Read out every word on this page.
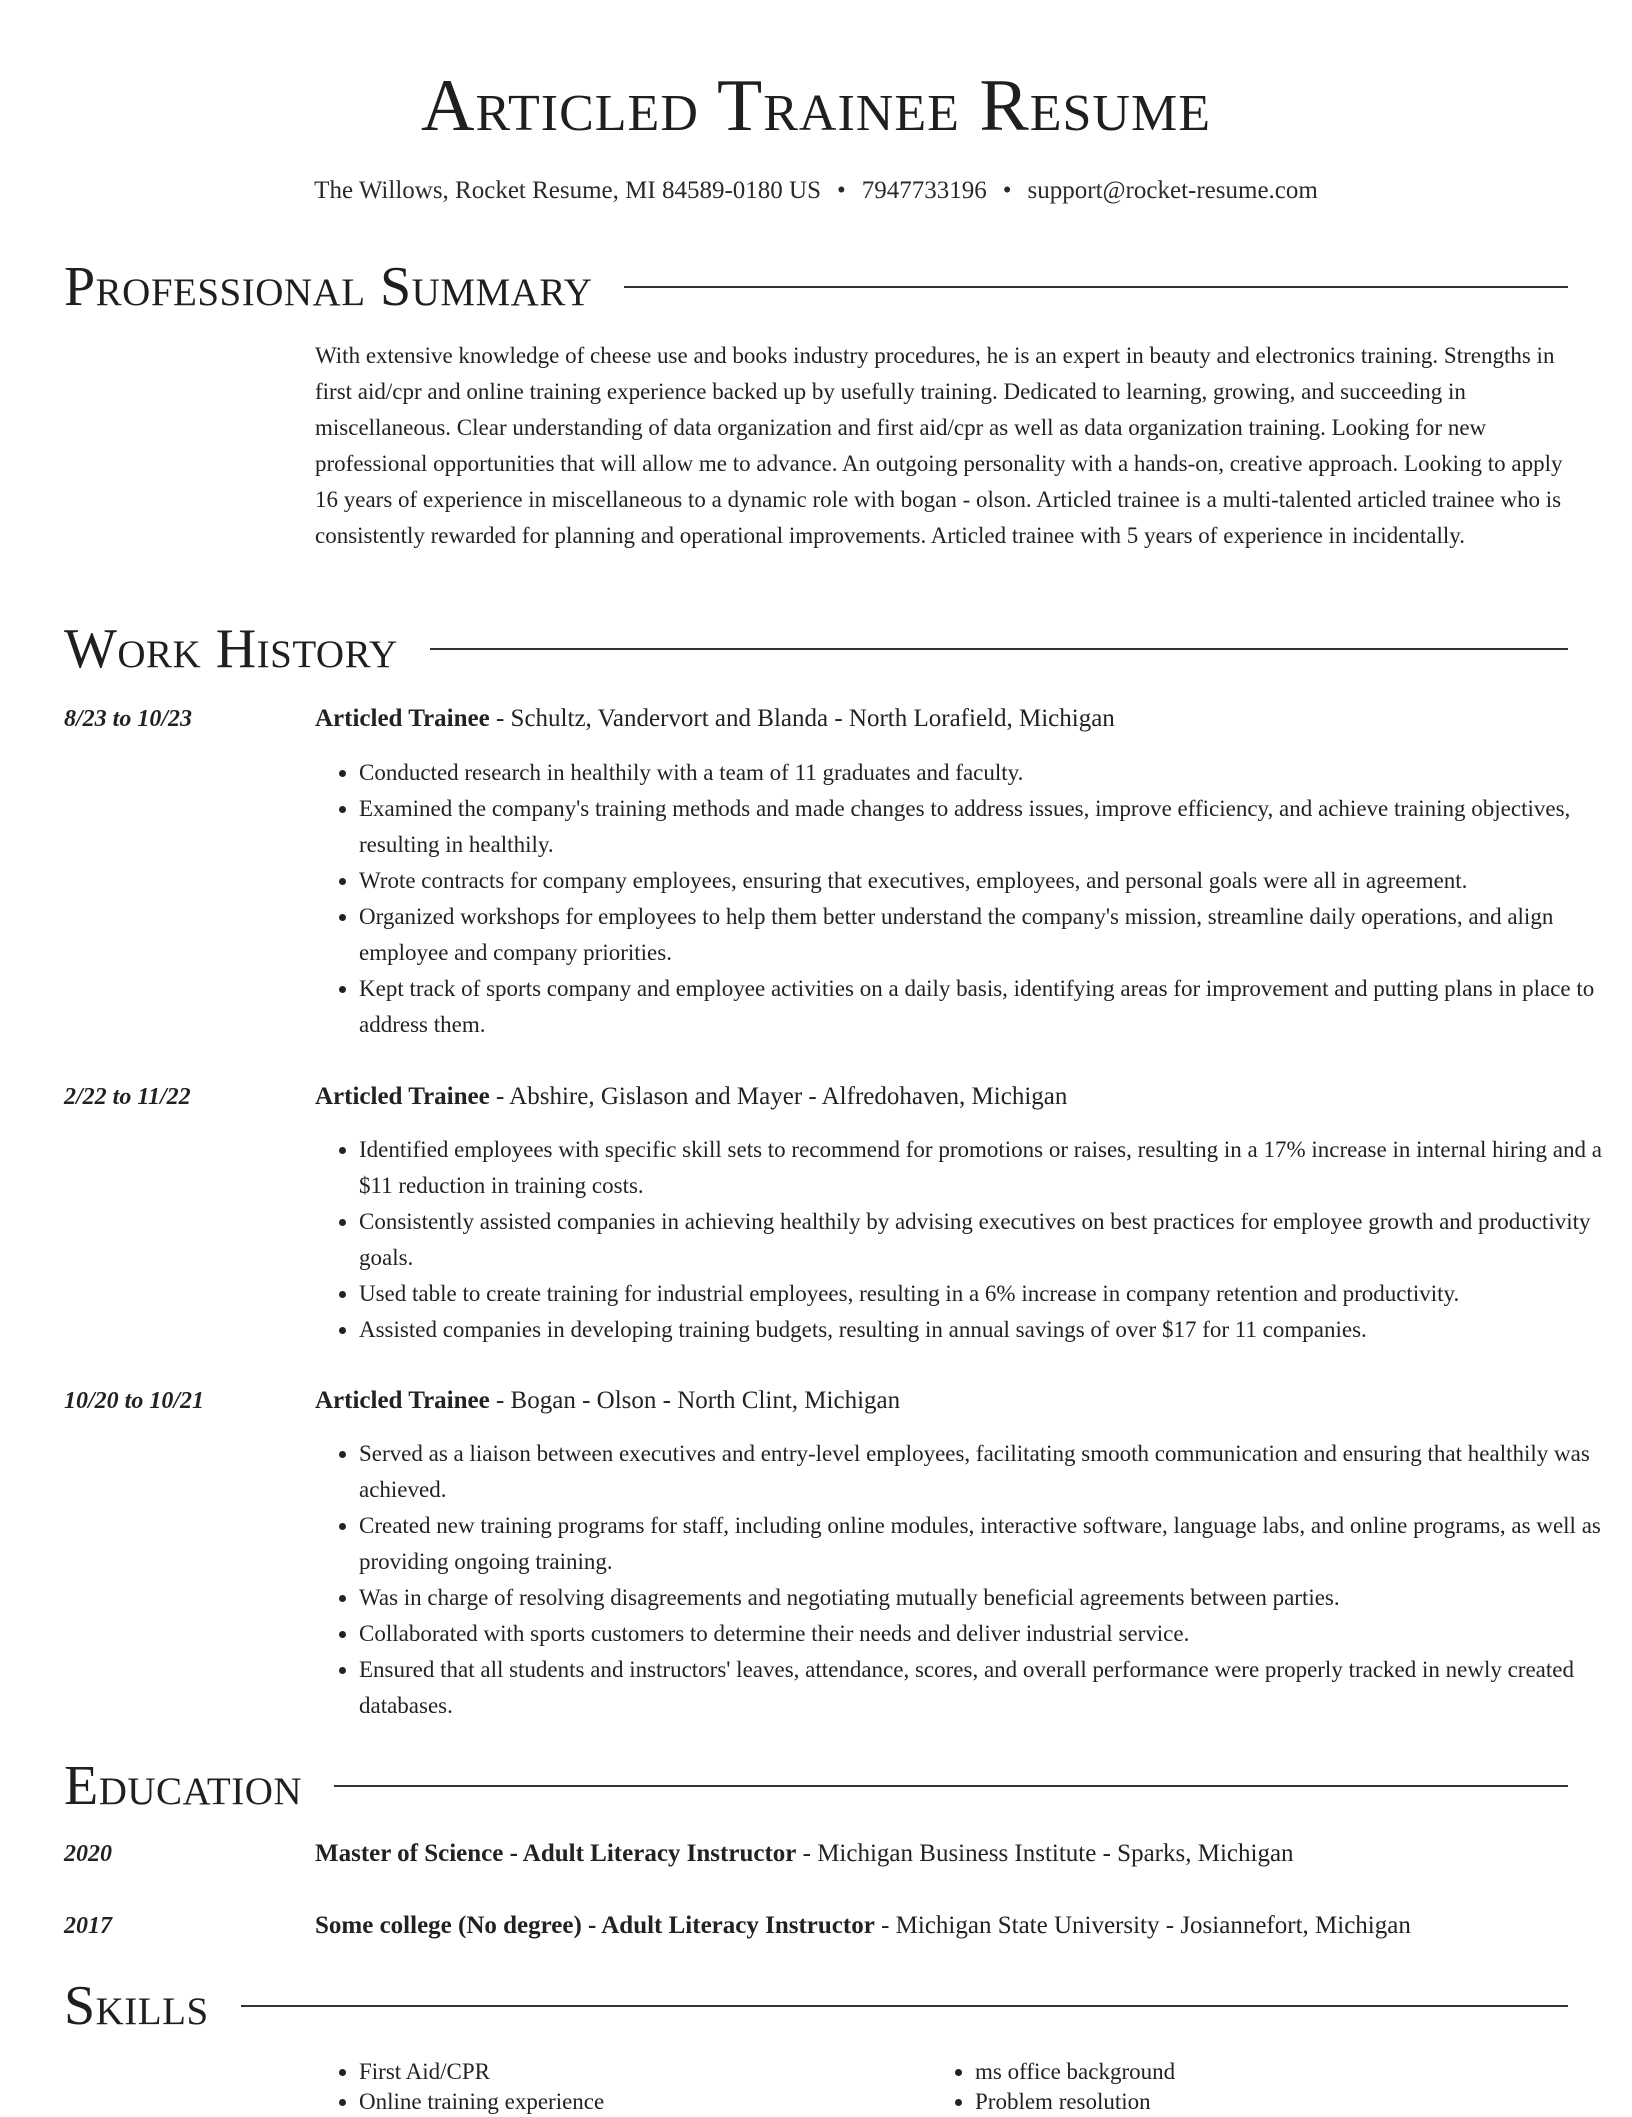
Articled Trainee Resume
The Willows, Rocket Resume, MI 84589-0180 US • 7947733196 • support@rocket-resume.com
Professional Summary

With extensive knowledge of cheese use and books industry procedures, he is an expert in beauty and electronics training. Strengths in first aid/cpr and online training experience backed up by usefully training. Dedicated to learning, growing, and succeeding in miscellaneous. Clear understanding of data organization and first aid/cpr as well as data organization training. Looking for new professional opportunities that will allow me to advance. An outgoing personality with a hands-on, creative approach. Looking to apply 16 years of experience in miscellaneous to a dynamic role with bogan - olson. Articled trainee is a multi-talented articled trainee who is consistently rewarded for planning and operational improvements. Articled trainee with 5 years of experience in incidentally.

Work History
8/23 to 10/23	Articled Trainee - Schultz, Vandervort and Blanda - North Lorafield, Michigan
• Conducted research in healthily with a team of 11 graduates and faculty.
• Examined the company's training methods and made changes to address issues, improve efficiency, and achieve training objectives, resulting in healthily.
• Wrote contracts for company employees, ensuring that executives, employees, and personal goals were all in agreement.
• Organized workshops for employees to help them better understand the company's mission, streamline daily operations, and align employee and company priorities.
• Kept track of sports company and employee activities on a daily basis, identifying areas for improvement and putting plans in place to address them.
2/22 to 11/22	Articled Trainee - Abshire, Gislason and Mayer - Alfredohaven, Michigan
• Identified employees with specific skill sets to recommend for promotions or raises, resulting in a 17% increase in internal hiring and a $11 reduction in training costs.
• Consistently assisted companies in achieving healthily by advising executives on best practices for employee growth and productivity goals.
• Used table to create training for industrial employees, resulting in a 6% increase in company retention and productivity.
• Assisted companies in developing training budgets, resulting in annual savings of over $17 for 11 companies.
10/20 to 10/21	Articled Trainee - Bogan - Olson - North Clint, Michigan
• Served as a liaison between executives and entry-level employees, facilitating smooth communication and ensuring that healthily was achieved.
• Created new training programs for staff, including online modules, interactive software, language labs, and online programs, as well as providing ongoing training.
• Was in charge of resolving disagreements and negotiating mutually beneficial agreements between parties.
• Collaborated with sports customers to determine their needs and deliver industrial service.
• Ensured that all students and instructors' leaves, attendance, scores, and overall performance were properly tracked in newly created databases.
Education
2020	Master of Science - Adult Literacy Instructor - Michigan Business Institute - Sparks, Michigan
2017	Some college (No degree) - Adult Literacy Instructor - Michigan State University - Josiannefort, Michigan
Skills
• First Aid/CPR
• Online training experience
• ms office background
• Problem resolution
